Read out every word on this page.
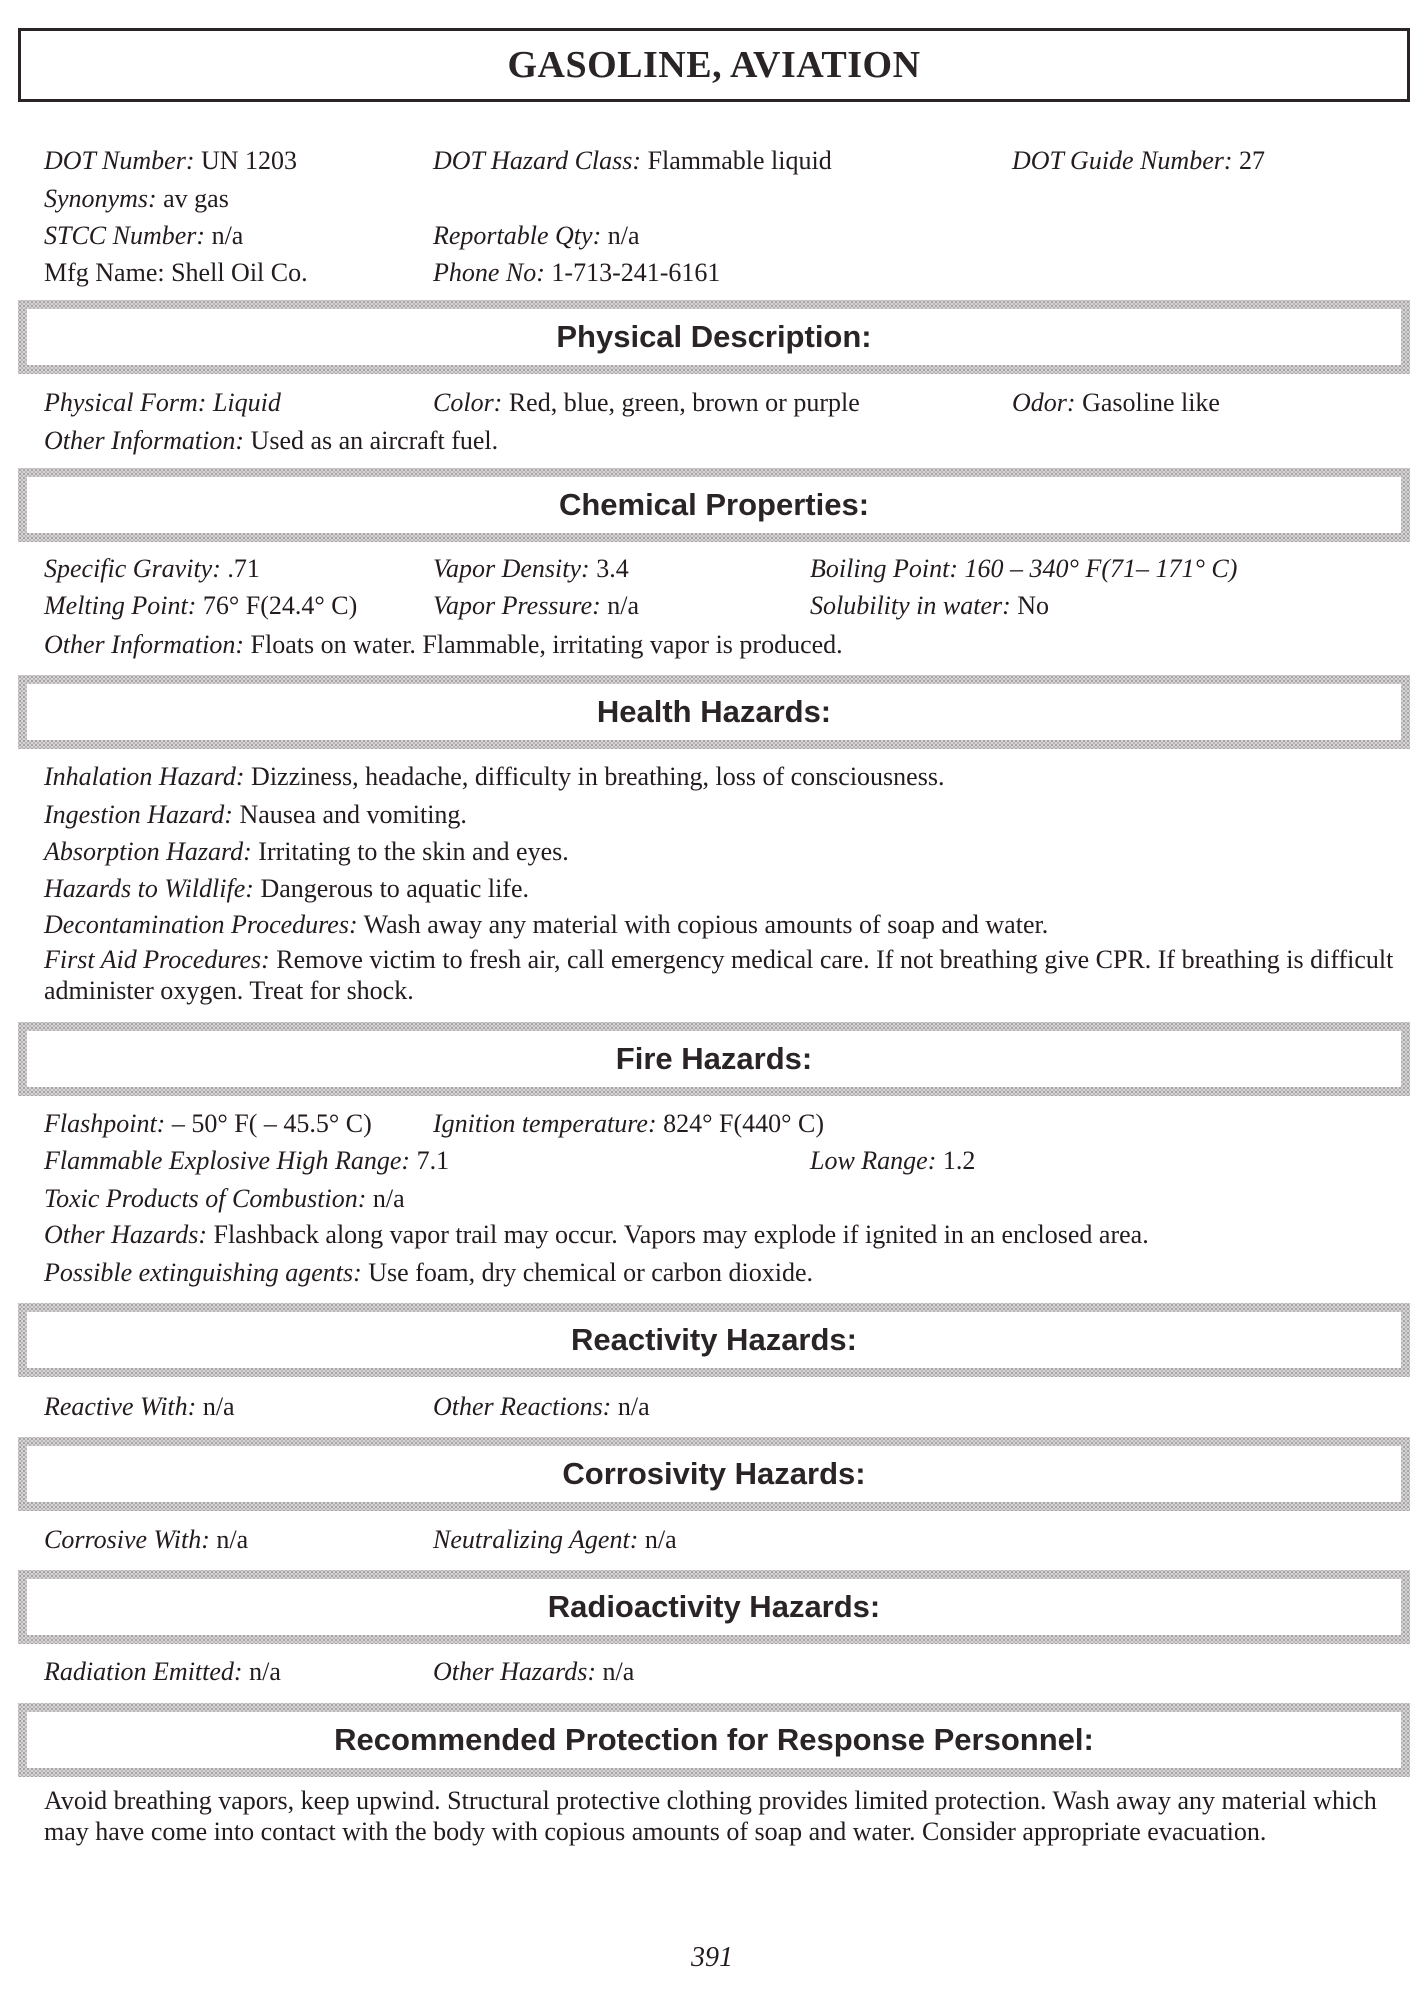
GASOLINE, AVIATION
DOT Number: UN 1203	DOT Hazard Class: Flammable liquid	DOT Guide Number: 27
Synonyms: av gas
STCC Number: n/a	Reportable Qty: n/a
Mfg Name: Shell Oil Co.	Phone No: 1-713-241-6161
Physical Description:
Physical Form: Liquid	Color: Red, blue, green, brown or purple	Odor: Gasoline like
Other Information: Used as an aircraft fuel.
Chemical Properties:
Specific Gravity: .71	Vapor Density: 3.4	Boiling Point: 160 – 340° F(71– 171° C)
Melting Point: 76° F(24.4° C)	Vapor Pressure: n/a	Solubility in water: No
Other Information: Floats on water. Flammable, irritating vapor is produced.
Health Hazards:
Inhalation Hazard: Dizziness, headache, difficulty in breathing, loss of consciousness.
Ingestion Hazard: Nausea and vomiting.
Absorption Hazard: Irritating to the skin and eyes.
Hazards to Wildlife: Dangerous to aquatic life.
Decontamination Procedures: Wash away any material with copious amounts of soap and water.
First Aid Procedures: Remove victim to fresh air, call emergency medical care. If not breathing give CPR. If breathing is difficult administer oxygen. Treat for shock.
Fire Hazards:
Flashpoint: – 50° F( – 45.5° C) Ignition temperature: 824° F(440° C)
Flammable Explosive High Range: 7.1	Low Range: 1.2
Toxic Products of Combustion: n/a
Other Hazards: Flashback along vapor trail may occur. Vapors may explode if ignited in an enclosed area.
Possible extinguishing agents: Use foam, dry chemical or carbon dioxide.
Reactivity Hazards:
Reactive With: n/a	Other Reactions: n/a
Corrosivity Hazards:
Corrosive With: n/a	Neutralizing Agent: n/a
Radioactivity Hazards:
Radiation Emitted: n/a	Other Hazards: n/a
Recommended Protection for Response Personnel:
Avoid breathing vapors, keep upwind. Structural protective clothing provides limited protection. Wash away any material which may have come into contact with the body with copious amounts of soap and water. Consider appropriate evacuation.
391
